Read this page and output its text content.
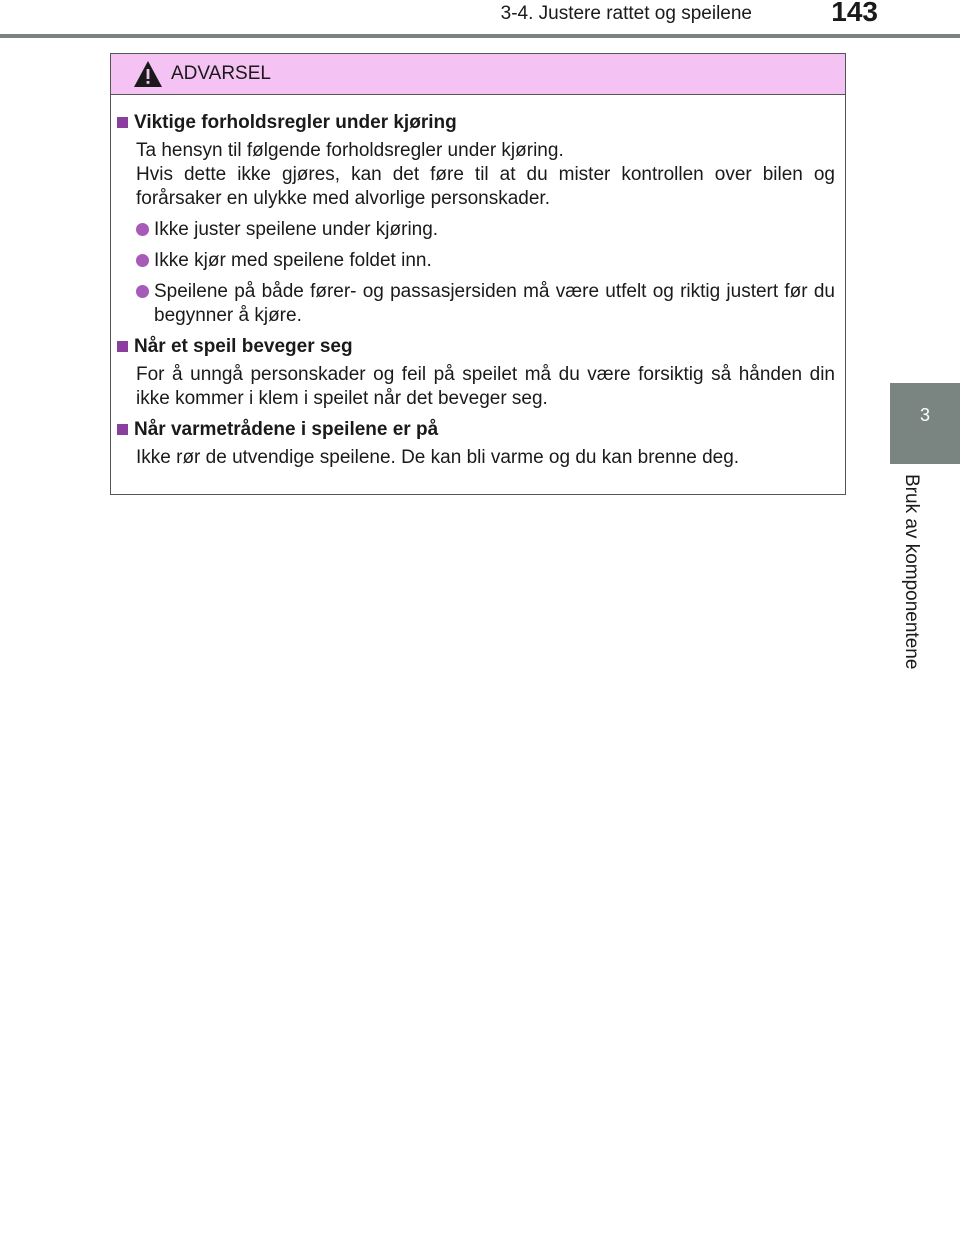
3-4. Justere rattet og speilene	143
3
Bruk av komponentene
ADVARSEL
Viktige forholdsregler under kjøring
Ta hensyn til følgende forholdsregler under kjøring.
Hvis dette ikke gjøres, kan det føre til at du mister kontrollen over bilen og forårsaker en ulykke med alvorlige personskader.
Ikke juster speilene under kjøring.
Ikke kjør med speilene foldet inn.
Speilene på både fører- og passasjersiden må være utfelt og riktig justert før du begynner å kjøre.
Når et speil beveger seg
For å unngå personskader og feil på speilet må du være forsiktig så hånden din ikke kommer i klem i speilet når det beveger seg.
Når varmetrådene i speilene er på
Ikke rør de utvendige speilene. De kan bli varme og du kan brenne deg.
